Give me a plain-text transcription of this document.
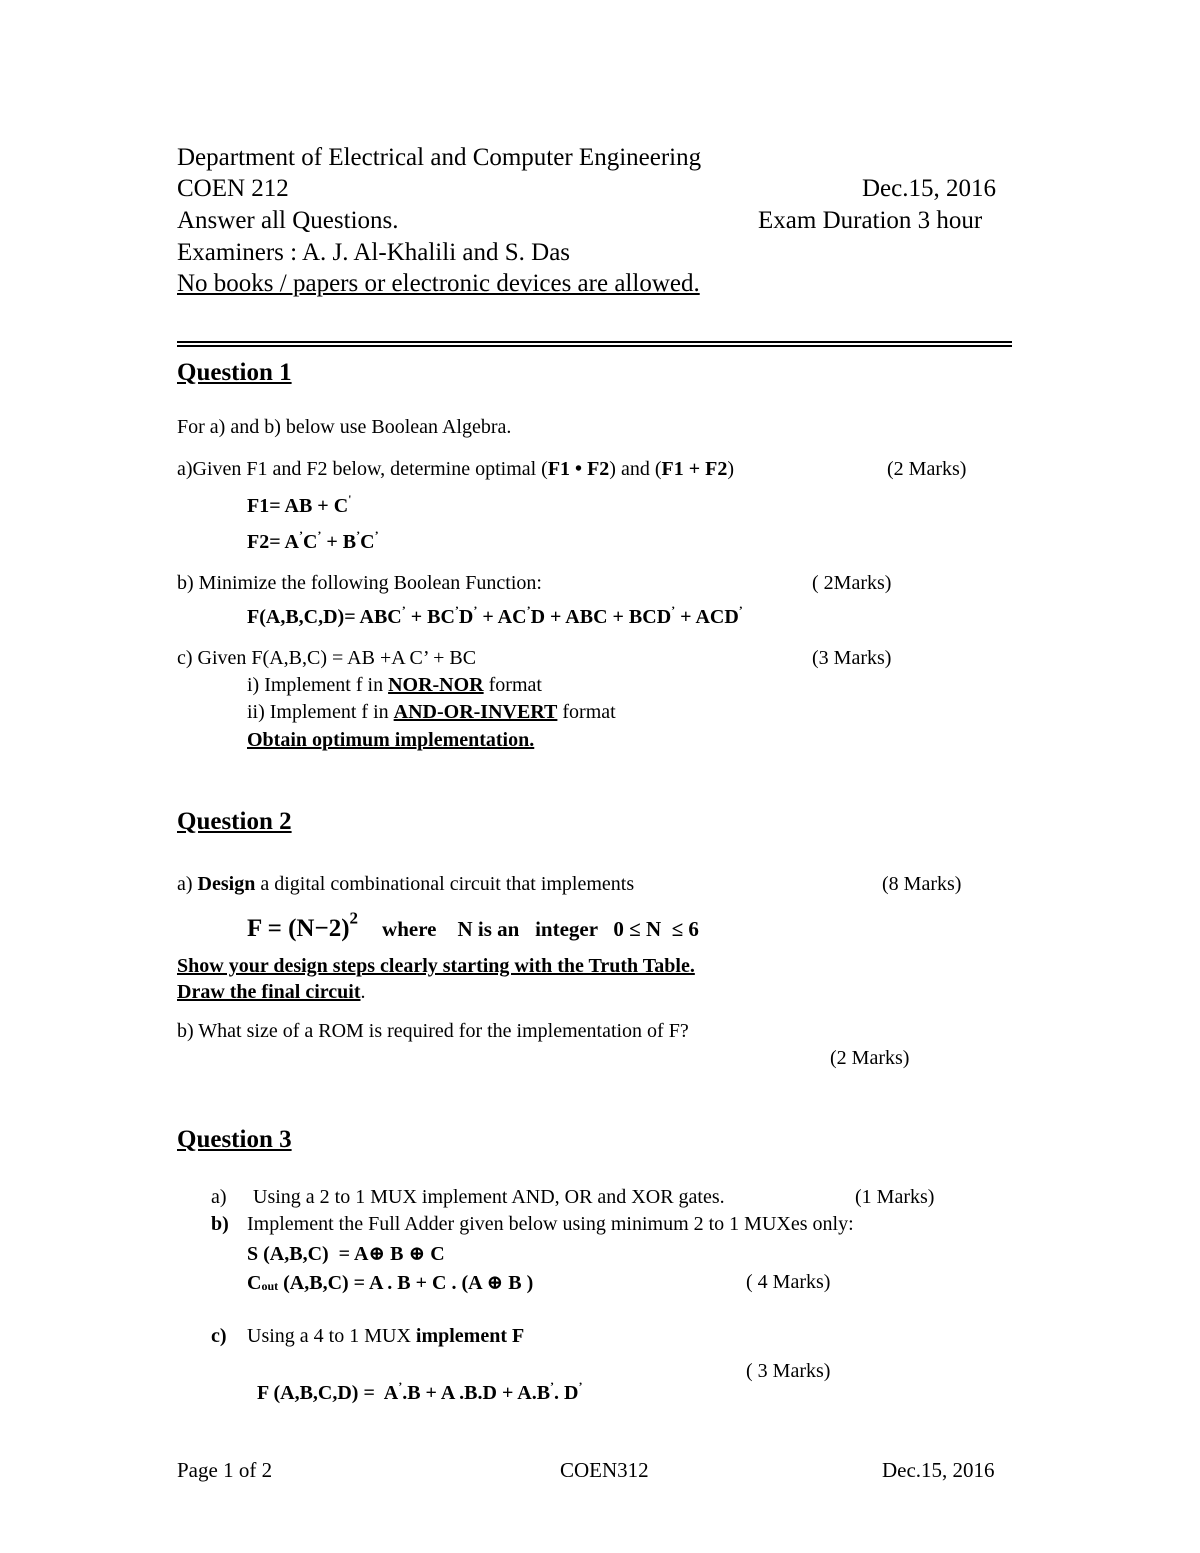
Department of Electrical and Computer Engineering
COEN 212	Dec.15, 2016
Answer all Questions.	Exam Duration 3 hour
Examiners : A. J. Al-Khalili and S. Das
No books / papers or electronic devices are allowed.
Question 1
For a) and b) below use Boolean Algebra.
a)Given F1 and F2 below, determine optimal (F1 • F2) and (F1 + F2)	(2 Marks)
F1= AB + C'
F2= A’C’ + B’C’
b) Minimize the following Boolean Function:	( 2Marks)
F(A,B,C,D)= ABC’ + BC’D’ + AC’D + ABC + BCD’ + ACD’
c) Given F(A,B,C) = AB +A C’ + BC	(3 Marks)
i) Implement f in NOR-NOR format
ii) Implement f in AND-OR-INVERT format
Obtain optimum implementation.
Question 2
a) Design a digital combinational circuit that implements	(8 Marks)
$F = (N-2)^2$ where    N is an   integer   0 ≤ N  ≤ 6
Show your design steps clearly starting with the Truth Table.
Draw the final circuit.
b) What size of a ROM is required for the implementation of F?
(2 Marks)
Question 3
a) Using a 2 to 1 MUX implement AND, OR and XOR gates.	(1 Marks)
b) Implement the Full Adder given below using minimum 2 to 1 MUXes only:
S (A,B,C)  = A⊕ B ⊕ C
$C_{out}$ (A,B,C) = A . B + C . (A ⊕ B )	( 4 Marks)
c) Using a 4 to 1 MUX implement F

F (A,B,C,D) =  A’.B + A .B.D + A.B’. D’

( 3 Marks)
Page 1 of 2	COEN312	Dec.15, 2016
